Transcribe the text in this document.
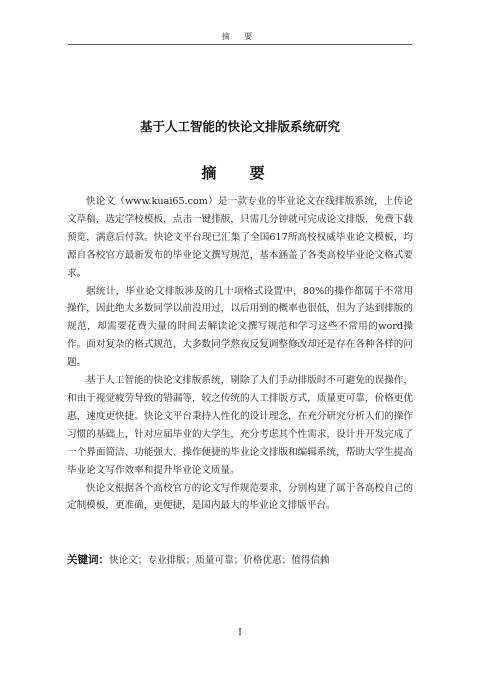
摘 要
基于人工智能的快论文排版系统研究
摘 要

快论文（www.kuai65.com）是一款专业的毕业论文在线排版系统，上传论文草稿，选定学校模板，点击一键排版，只需几分钟就可完成论文排版，免费下载预览，满意后付款。快论文平台现已汇集了全国617所高校权威毕业论文模板，均源自各校官方最新发布的毕业论文撰写规范，基本涵盖了各类高校毕业论文格式要求。

据统计，毕业论文排版涉及的几十项格式设置中，80%的操作都属于不常用操作，因此绝大多数同学以前没用过，以后用到的概率也很低，但为了达到排版的规范，却需要花费大量的时间去解读论文撰写规范和学习这些不常用的word操作。面对复杂的格式规范，大多数同学熬夜反复调整修改却还是存在各种各样的问题。

基于人工智能的快论文排版系统，剔除了人们手动排版时不可避免的误操作，和由于视觉疲劳导致的错漏等，较之传统的人工排版方式，质量更可靠，价格更优惠，速度更快捷。快论文平台秉持人性化的设计理念，在充分研究分析人们的操作习惯的基础上，针对应届毕业的大学生，充分考虑其个性需求，设计并开发完成了一个界面简洁、功能强大、操作便捷的毕业论文排版和编辑系统，帮助大学生提高毕业论文写作效率和提升毕业论文质量。

快论文根据各个高校官方的论文写作规范要求，分别构建了属于各高校自己的定制模板，更准确，更便捷，是国内最大的毕业论文排版平台。

关键词：快论文；专业排版；质量可靠；价格优惠；值得信赖
I
